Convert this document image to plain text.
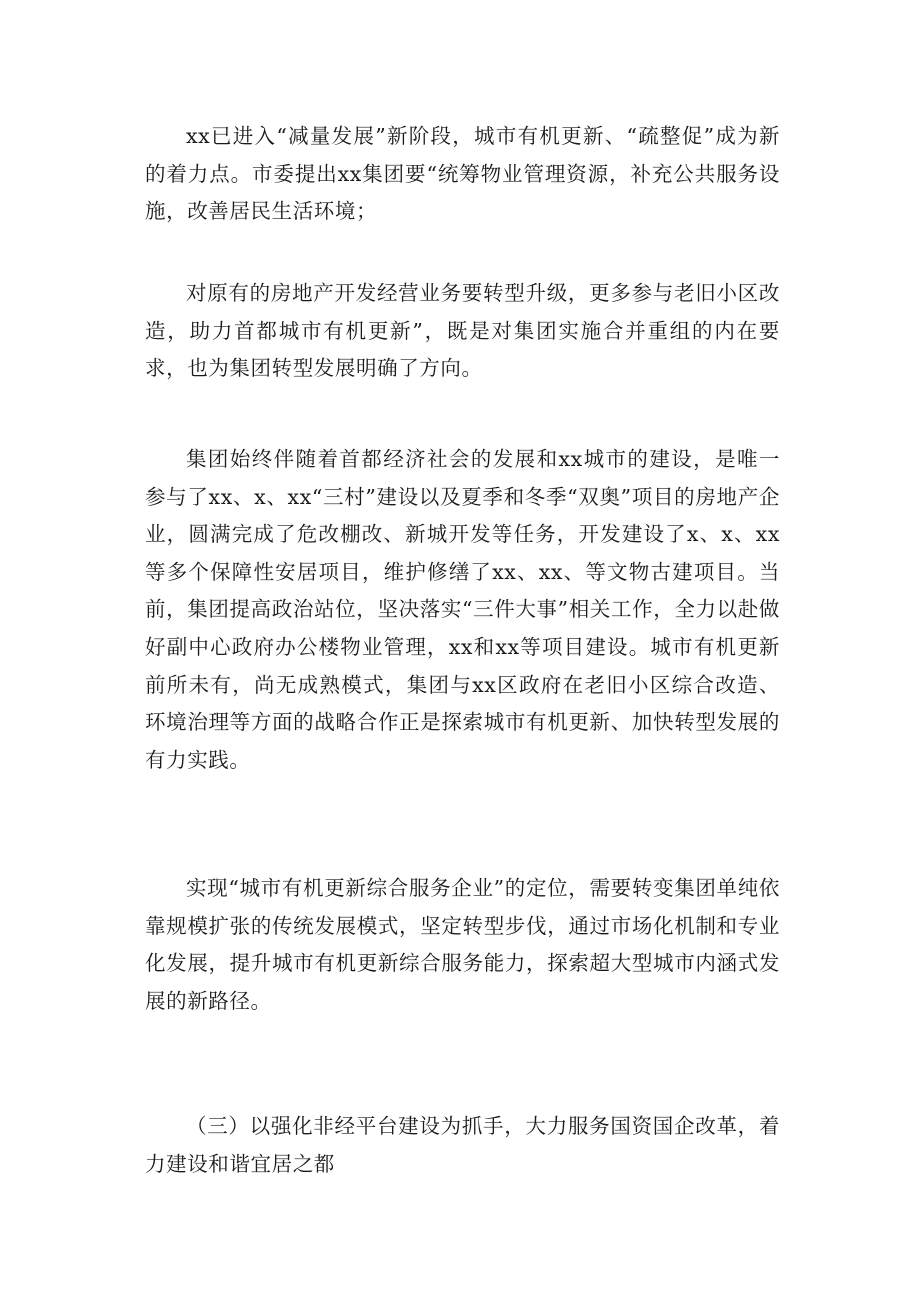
xx已进入“减量发展”新阶段，城市有机更新、“疏整促”成为新的着力点。市委提出xx集团要“统筹物业管理资源，补充公共服务设施，改善居民生活环境；

对原有的房地产开发经营业务要转型升级，更多参与老旧小区改造，助力首都城市有机更新”，既是对集团实施合并重组的内在要求，也为集团转型发展明确了方向。

集团始终伴随着首都经济社会的发展和xx城市的建设，是唯一参与了xx、x、xx“三村”建设以及夏季和冬季“双奥”项目的房地产企业，圆满完成了危改棚改、新城开发等任务，开发建设了x、x、xx等多个保障性安居项目，维护修缮了xx、xx、等文物古建项目。当前，集团提高政治站位，坚决落实“三件大事”相关工作，全力以赴做好副中心政府办公楼物业管理，xx和xx等项目建设。城市有机更新前所未有，尚无成熟模式，集团与xx区政府在老旧小区综合改造、环境治理等方面的战略合作正是探索城市有机更新、加快转型发展的有力实践。

实现“城市有机更新综合服务企业”的定位，需要转变集团单纯依靠规模扩张的传统发展模式，坚定转型步伐，通过市场化机制和专业化发展，提升城市有机更新综合服务能力，探索超大型城市内涵式发展的新路径。

（三）以强化非经平台建设为抓手，大力服务国资国企改革，着力建设和谐宜居之都
